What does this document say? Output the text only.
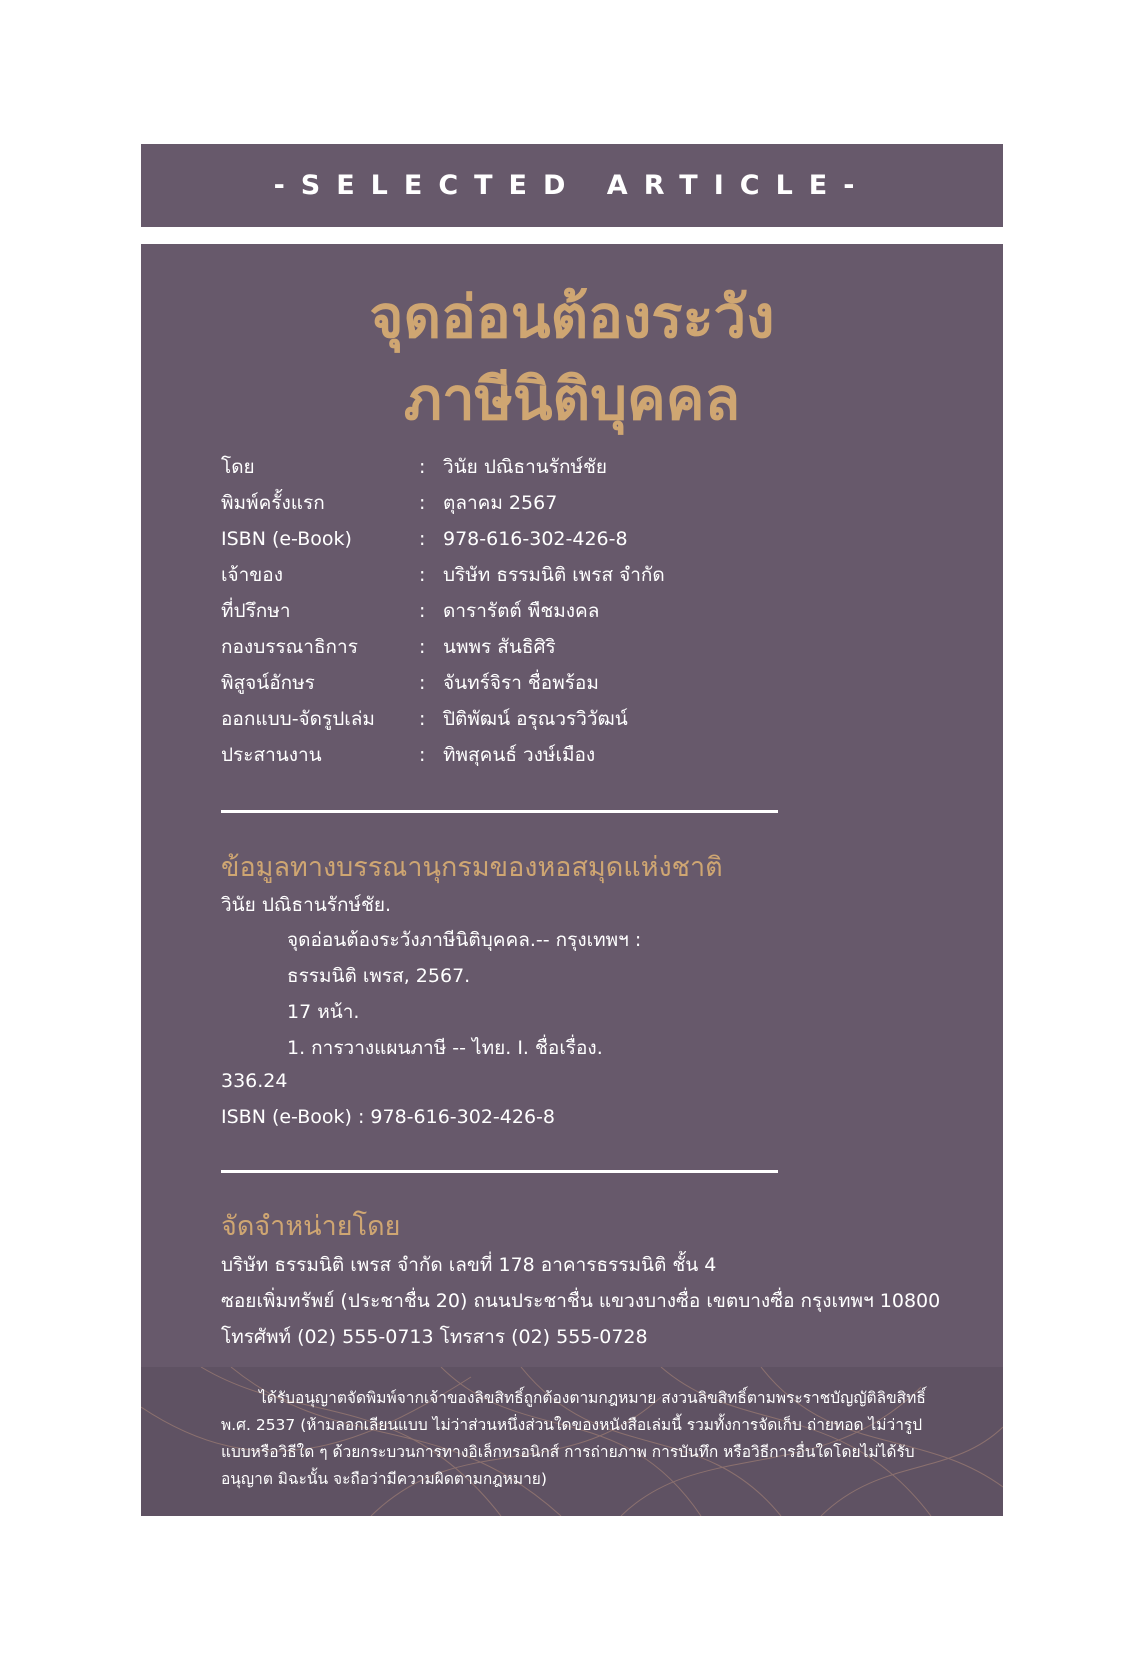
-SELECTED ARTICLE-
จุดอ่อนต้องระวัง
ภาษีนิติบุคคล
โดย	: วินัย ปณิธานรักษ์ชัย
พิมพ์ครั้งแรก	: ตุลาคม 2567
ISBN (e-Book)	: 978-616-302-426-8
เจ้าของ	: บริษัท ธรรมนิติ เพรส จำกัด
ที่ปรึกษา	: ดารารัตต์ พืชมงคล
กองบรรณาธิการ	: นพพร สันธิศิริ
พิสูจน์อักษร	: จันทร์จิรา ชื่อพร้อม
ออกแบบ-จัดรูปเล่ม	: ปิติพัฒน์ อรุณวรวิวัฒน์
ประสานงาน	: ทิพสุคนธ์ วงษ์เมือง
ข้อมูลทางบรรณานุกรมของหอสมุดแห่งชาติ
วินัย ปณิธานรักษ์ชัย.
จุดอ่อนต้องระวังภาษีนิติบุคคล.-- กรุงเทพฯ :
ธรรมนิติ เพรส, 2567.
17 หน้า.
1. การวางแผนภาษี -- ไทย. I. ชื่อเรื่อง.
336.24
ISBN (e-Book) : 978-616-302-426-8
จัดจำหน่ายโดย
บริษัท ธรรมนิติ เพรส จำกัด เลขที่ 178 อาคารธรรมนิติ ชั้น 4
ซอยเพิ่มทรัพย์ (ประชาชื่น 20) ถนนประชาชื่น แขวงบางซื่อ เขตบางซื่อ กรุงเทพฯ 10800
โทรศัพท์ (02) 555-0713 โทรสาร (02) 555-0728
ได้รับอนุญาตจัดพิมพ์จากเจ้าของลิขสิทธิ์ถูกต้องตามกฎหมาย สงวนลิขสิทธิ์ตามพระราชบัญญัติลิขสิทธิ์ พ.ศ. 2537 (ห้ามลอกเลียนแบบ ไม่ว่าส่วนหนึ่งส่วนใดของหนังสือเล่มนี้ รวมทั้งการจัดเก็บ ถ่ายทอด ไม่ว่ารูปแบบหรือวิธีใด ๆ ด้วยกระบวนการทางอิเล็กทรอนิกส์ การถ่ายภาพ การบันทึก หรือวิธีการอื่นใดโดยไม่ได้รับอนุญาต มิฉะนั้น จะถือว่ามีความผิดตามกฎหมาย)
